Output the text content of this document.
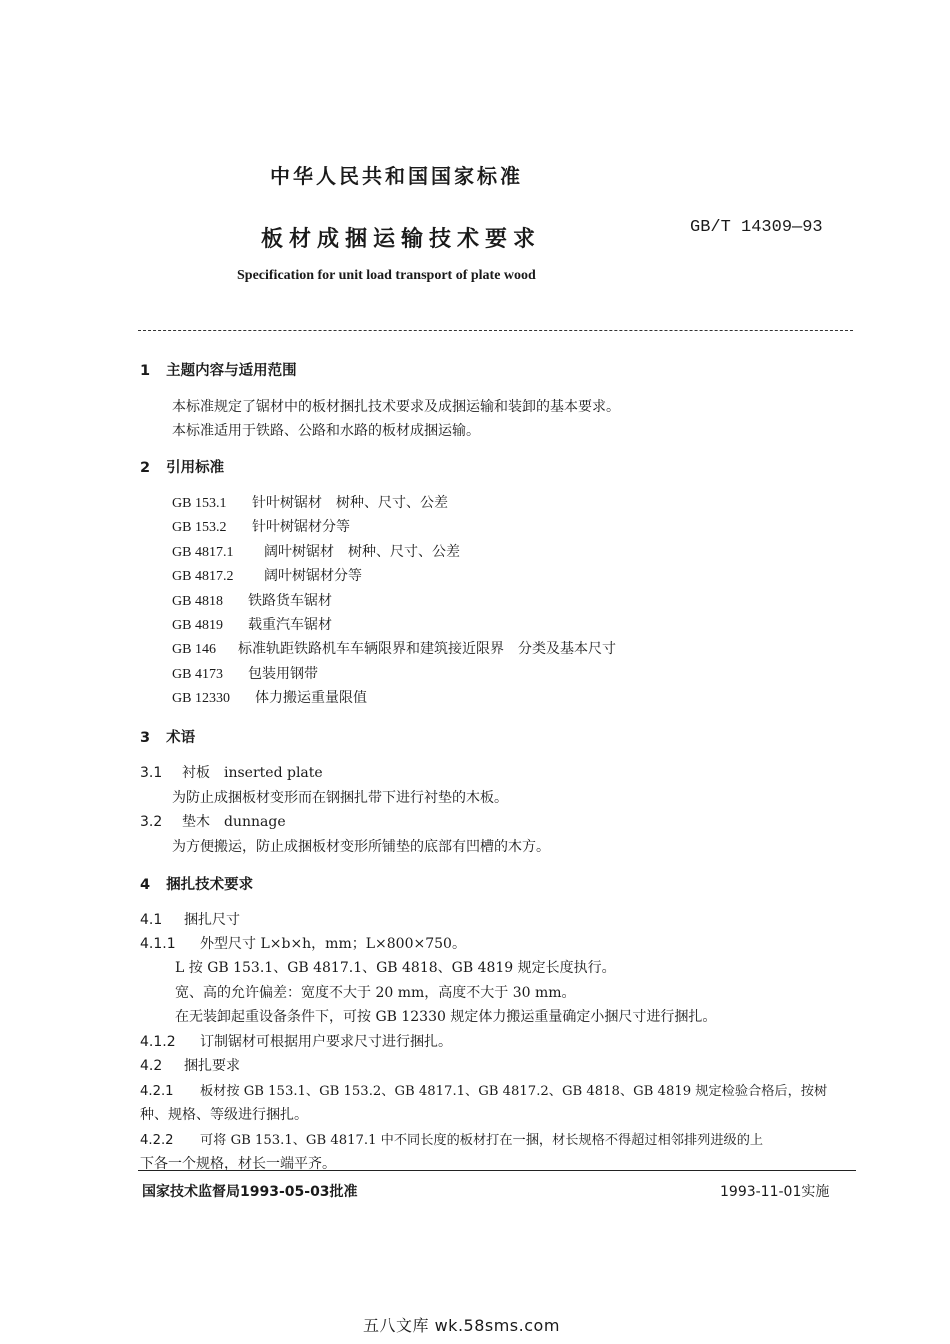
中华人民共和国国家标准
板材成捆运输技术要求	GB/T 14309—93
Specification for unit load transport of plate wood
1 主题内容与适用范围
本标准规定了锯材中的板材捆扎技术要求及成捆运输和装卸的基本要求。
本标准适用于铁路、公路和水路的板材成捆运输。
2 引用标准
GB 153.1 针叶树锯材　树种、尺寸、公差
GB 153.2 针叶树锯材分等
GB 4817.1 阔叶树锯材　树种、尺寸、公差
GB 4817.2 阔叶树锯材分等
GB 4818 铁路货车锯材
GB 4819 载重汽车锯材
GB 146 标准轨距铁路机车车辆限界和建筑接近限界　分类及基本尺寸
GB 4173 包装用钢带
GB 12330 体力搬运重量限值
3 术语
3.1 衬板　inserted plate
为防止成捆板材变形而在钢捆扎带下进行衬垫的木板。
3.2 垫木　dunnage
为方便搬运，防止成捆板材变形所铺垫的底部有凹槽的木方。
4 捆扎技术要求
4.1 捆扎尺寸
4.1.1 外型尺寸 L×b×h，mm；L×800×750。
L 按 GB 153.1、GB 4817.1、GB 4818、GB 4819 规定长度执行。
宽、高的允许偏差：宽度不大于 20 mm，高度不大于 30 mm。
在无装卸起重设备条件下，可按 GB 12330 规定体力搬运重量确定小捆尺寸进行捆扎。
4.1.2 订制锯材可根据用户要求尺寸进行捆扎。
4.2 捆扎要求
4.2.1 板材按 GB 153.1、GB 153.2、GB 4817.1、GB 4817.2、GB 4818、GB 4819 规定检验合格后，按树
种、规格、等级进行捆扎。
4.2.2 可将 GB 153.1、GB 4817.1 中不同长度的板材打在一捆，材长规格不得超过相邻排列进级的上
下各一个规格，材长一端平齐。
国家技术监督局1993-05-03批准	1993-11-01实施
五八文库 wk.58sms.com
